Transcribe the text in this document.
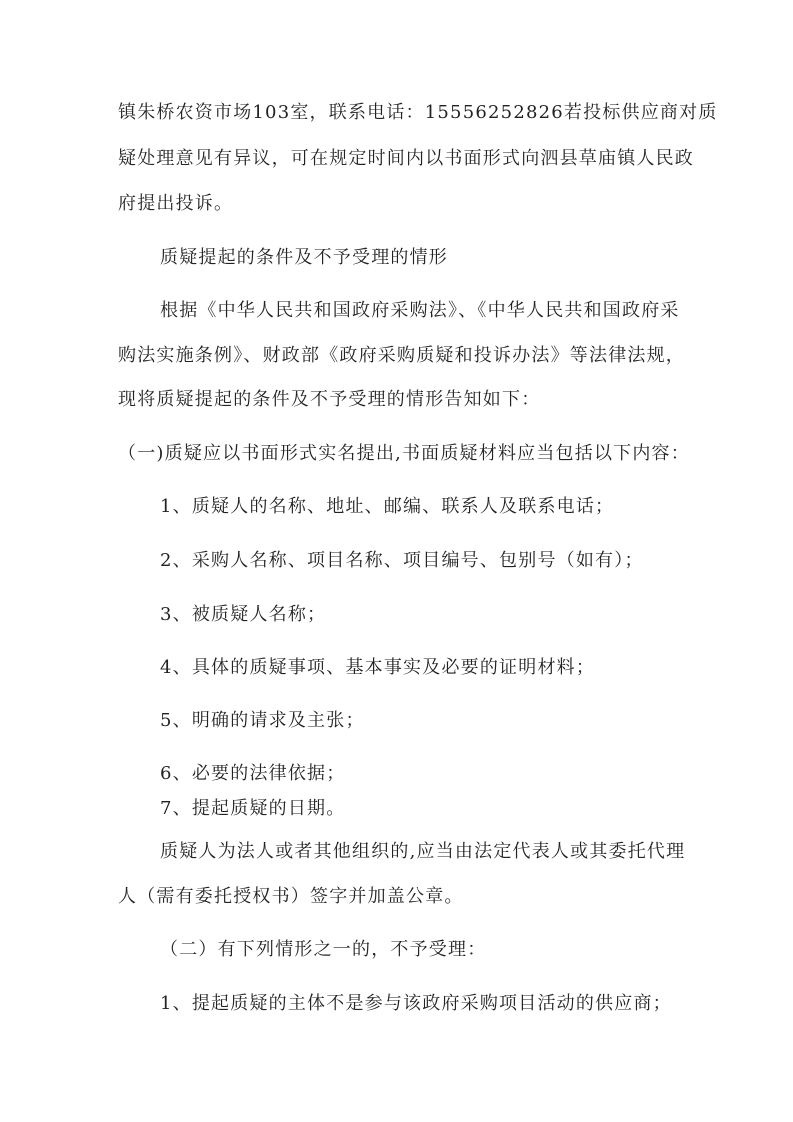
镇朱桥农资市场103室，联系电话：15556252826若投标供应商对质

疑处理意见有异议，可在规定时间内以书面形式向泗县草庙镇人民政

府提出投诉。

质疑提起的条件及不予受理的情形

根据《中华人民共和国政府采购法》、《中华人民共和国政府采

购法实施条例》、财政部《政府采购质疑和投诉办法》等法律法规，

现将质疑提起的条件及不予受理的情形告知如下：

（一)质疑应以书面形式实名提出,书面质疑材料应当包括以下内容：

1、质疑人的名称、地址、邮编、联系人及联系电话；

2、采购人名称、项目名称、项目编号、包别号（如有）；

3、被质疑人名称；

4、具体的质疑事项、基本事实及必要的证明材料；

5、明确的请求及主张；

6、必要的法律依据；

7、提起质疑的日期。

质疑人为法人或者其他组织的,应当由法定代表人或其委托代理

人（需有委托授权书）签字并加盖公章。

（二）有下列情形之一的，不予受理：

1、提起质疑的主体不是参与该政府采购项目活动的供应商；
